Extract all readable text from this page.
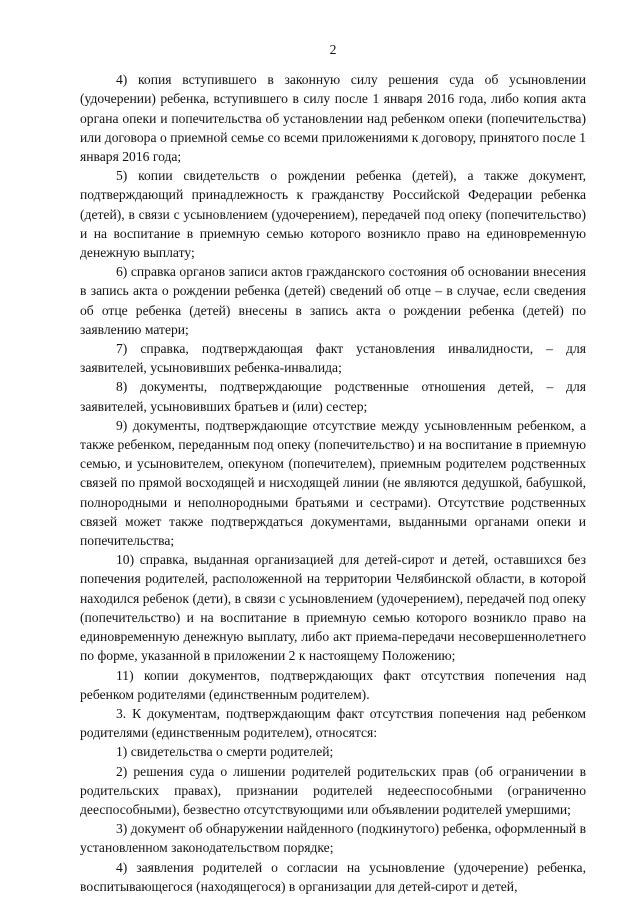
2

4) копия вступившего в законную силу решения суда об усыновлении (удочерении) ребенка, вступившего в силу после 1 января 2016 года, либо копия акта органа опеки и попечительства об установлении над ребенком опеки (попечительства) или договора о приемной семье со всеми приложениями к договору, принятого после 1 января 2016 года;

5) копии свидетельств о рождении ребенка (детей), а также документ, подтверждающий принадлежность к гражданству Российской Федерации ребенка (детей), в связи с усыновлением (удочерением), передачей под опеку (попечительство) и на воспитание в приемную семью которого возникло право на единовременную денежную выплату;

6) справка органов записи актов гражданского состояния об основании внесения в запись акта о рождении ребенка (детей) сведений об отце – в случае, если сведения об отце ребенка (детей) внесены в запись акта о рождении ребенка (детей) по заявлению матери;

7) справка, подтверждающая факт установления инвалидности, – для заявителей, усыновивших ребенка-инвалида;

8) документы, подтверждающие родственные отношения детей, – для заявителей, усыновивших братьев и (или) сестер;

9) документы, подтверждающие отсутствие между усыновленным ребенком, а также ребенком, переданным под опеку (попечительство) и на воспитание в приемную семью, и усыновителем, опекуном (попечителем), приемным родителем родственных связей по прямой восходящей и нисходящей линии (не являются дедушкой, бабушкой, полнородными и неполнородными братьями и сестрами). Отсутствие родственных связей может также подтверждаться документами, выданными органами опеки и попечительства;

10) справка, выданная организацией для детей-сирот и детей, оставшихся без попечения родителей, расположенной на территории Челябинской области, в которой находился ребенок (дети), в связи с усыновлением (удочерением), передачей под опеку (попечительство) и на воспитание в приемную семью которого возникло право на единовременную денежную выплату, либо акт приема-передачи несовершеннолетнего по форме, указанной в приложении 2 к настоящему Положению;

11) копии документов, подтверждающих факт отсутствия попечения над ребенком родителями (единственным родителем).

3. К документам, подтверждающим факт отсутствия попечения над ребенком родителями (единственным родителем), относятся:

1) свидетельства о смерти родителей;

2) решения суда о лишении родителей родительских прав (об ограничении в родительских правах), признании родителей недееспособными (ограниченно дееспособными), безвестно отсутствующими или объявлении родителей умершими;

3) документ об обнаружении найденного (подкинутого) ребенка, оформленный в установленном законодательством порядке;

4) заявления родителей о согласии на усыновление (удочерение) ребенка, воспитывающегося (находящегося) в организации для детей-сирот и детей,
